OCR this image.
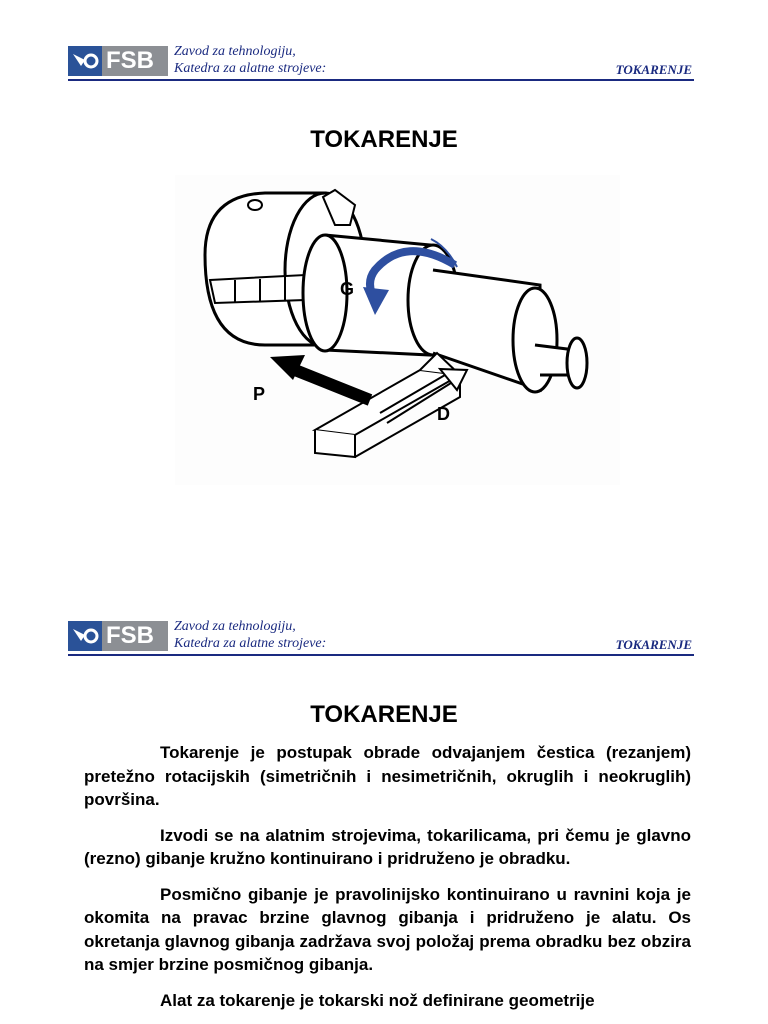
FSB Zavod za tehnologiju,
Katedra za alatne strojeve:	TOKARENJE
TOKARENJE
G
P
D
FSB Zavod za tehnologiju,
Katedra za alatne strojeve:	TOKARENJE
TOKARENJE

Tokarenje je postupak obrade odvajanjem čestica (rezanjem) pretežno rotacijskih (simetričnih i nesimetričnih, okruglih i neokruglih) površina.

Izvodi se na alatnim strojevima, tokarilicama, pri čemu je glavno (rezno) gibanje kružno kontinuirano i pridruženo je obradku.

Posmično gibanje je pravolinijsko kontinuirano u ravnini koja je okomita na pravac brzine glavnog gibanja i pridruženo je alatu. Os okretanja glavnog gibanja zadržava svoj položaj prema obradku bez obzira na smjer brzine posmičnog gibanja.

Alat za tokarenje je tokarski nož definirane geometrije
